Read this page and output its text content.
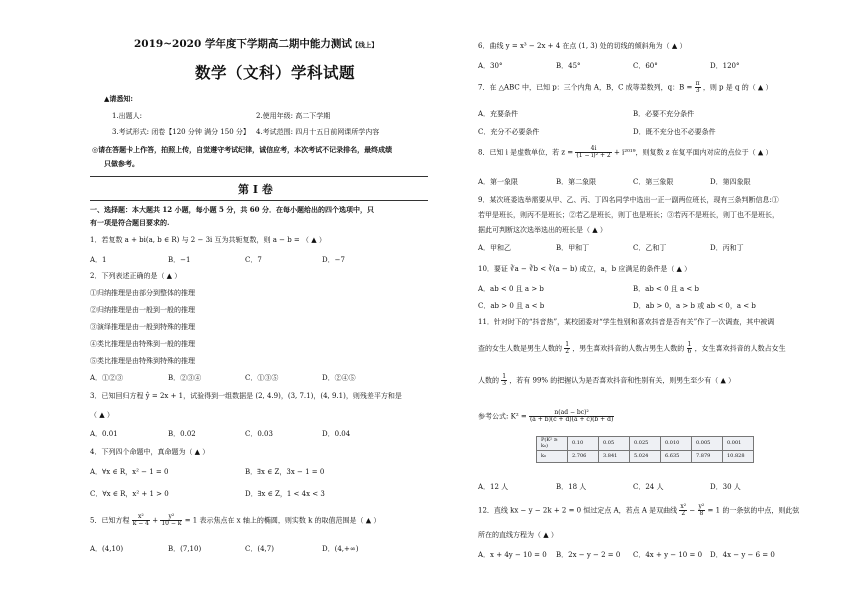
2019~2020 学年度下学期高二期中能力测试【线上】
数学（文科）学科试题
▲请悉知:
1.出题人:	2.使用年级: 高二下学期
3.考试形式: 闭卷【120 分钟 满分 150 分】 4.考试范围: 四月十五日前网课所学内容
◎请在答题卡上作答，拍照上传，自觉遵守考试纪律，诚信应考，本次考试不记录排名，最终成绩
只做参考。
第 Ⅰ 卷
一、选择题：本大题共 12 小题，每小题 5 分，共 60 分．在每小题给出的四个选项中，只
有一项是符合题目要求的.
1．若复数 a + bi(a, b ∈ R) 与 2 − 3i 互为共轭复数，则 a − b = （ ▲ ）
A．1	B．−1	C．7	D．−7
2．下列表述正确的是（ ▲ ）
①归纳推理是由部分到整体的推理
②归纳推理是由一般到一般的推理
③演绎推理是由一般到特殊的推理
④类比推理是由特殊到一般的推理
⑤类比推理是由特殊到特殊的推理
A．①②③	B．②③④	C．①③⑤	D．②④⑤
3．已知回归方程 ŷ = 2x + 1，试验得到一组数据是 (2, 4.9)，(3, 7.1)，(4, 9.1)，则残差平方和是
（ ▲ ）
A．0.01	B．0.02	C．0.03	D．0.04
4．下列四个命题中，真命题为（ ▲ ）
A．∀x ∈ R，x² − 1 = 0	B．∃x ∈ Z，3x − 1 = 0
C．∀x ∈ R，x² + 1 > 0	D．∃x ∈ Z，1 < 4x < 3
5．已知方程 $\frac{\text{x²}}{k - 4} + \frac{\text{y²}}{10 - k} = 1$ 表示焦点在 x 轴上的椭圆，则实数 k 的取值范围是（ ▲ ）
A．(4,10)	B．(7,10)	C．(4,7)	D．(4,+∞)
6．曲线 y = x³ − 2x + 4 在点 (1, 3) 处的切线的倾斜角为（ ▲ ）
A．30°	B．45°	C．60°	D．120°
7．在 △ABC 中，已知 p：三个内角 A，B，C 成等差数列，q：$B = \frac{\pi}{3}$ ，则 p 是 q 的（ ▲ ）
A．充要条件	B．必要不充分条件
C．充分不必要条件	D．既不充分也不必要条件
8．已知 i 是虚数单位，若 $z = \frac{4i}{\text{(1 − i)² + 2}} + i^{2019}$，则复数 z 在复平面内对应的点位于（ ▲ ）
A．第一象限	B．第二象限	C．第三象限	D．第四象限
9．某次班委选举需要从甲、乙、丙、丁四名同学中选出一正一副两位班长，现有三条判断信息:①
若甲是班长，则丙不是班长；②若乙是班长，则丁也是班长；③若丙不是班长，则丁也不是班长，
据此可判断这次选举选出的班长是（ ▲ ）
A．甲和乙	B．甲和丁	C．乙和丁	D．丙和丁
10．要证 ∛a − ∛b < ∛(a − b) 成立，a，b 应满足的条件是（ ▲ ）
A．ab < 0 且 a > b	B．ab < 0 且 a < b
C．ab > 0 且 a < b	D．ab > 0，a > b 或 ab < 0，a < b
11．针对时下的“抖音热”，某校团委对“学生性别和喜欢抖音是否有关”作了一次调查，其中被调
查的女生人数是男生人数的 $\frac{1}{2}$ ，男生喜欢抖音的人数占男生人数的 $\frac{1}{6}$ ，女生喜欢抖音的人数占女生
人数的 $\frac{1}{3}$ ，若有 99% 的把握认为是否喜欢抖音和性别有关，则男生至少有（ ▲ ）
参考公式: $K^2 = \frac{\text{n(ad − bc)²}}{(a + b)(c + d)(a + c)(b + d)}$
P(K² ≥ k₀)	0.10	0.05	0.025	0.010	0.005	0.001
k₀	2.706	3.841	5.024	6.635	7.879	10.828
A．12 人	B．18 人	C．24 人	D．30 人
12．直线 kx − y − 2k + 2 = 0 恒过定点 A，若点 A 是双曲线 $\frac{\text{x²}}{2} - \frac{\text{y²}}{8} = 1$ 的一条弦的中点，则此弦
所在的直线方程为（ ▲ ）
A．x + 4y − 10 = 0 B．2x − y − 2 = 0 C．4x + y − 10 = 0 D．4x − y − 6 = 0
